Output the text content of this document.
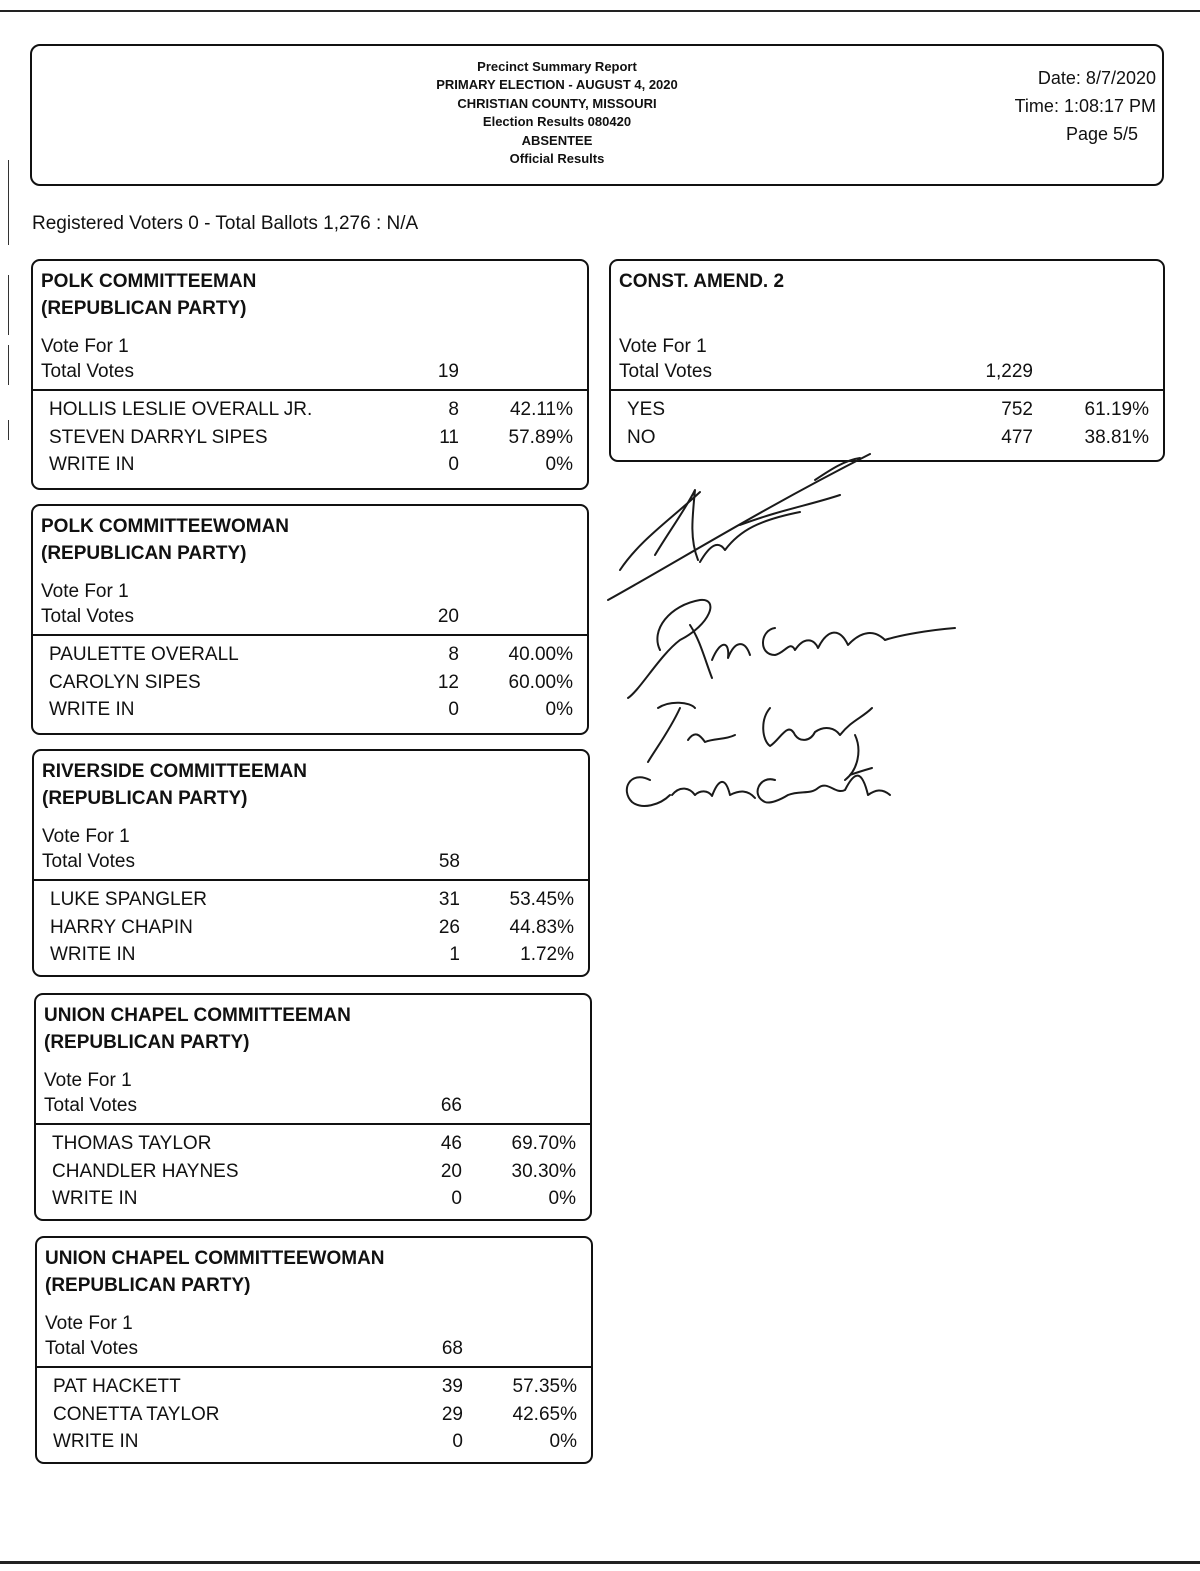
Precinct Summary Report
PRIMARY ELECTION - AUGUST 4, 2020
CHRISTIAN COUNTY, MISSOURI
Election Results 080420
ABSENTEE
Official Results
Date: 8/7/2020
Time: 1:08:17 PM
Page 5/5
Registered Voters 0 - Total Ballots 1,276 : N/A
POLK COMMITTEEMAN
(REPUBLICAN PARTY)
Vote For 1
Total Votes	19
HOLLIS LESLIE OVERALL JR.	8	42.11%
STEVEN DARRYL SIPES	11	57.89%
WRITE IN	0	0%
POLK COMMITTEEWOMAN
(REPUBLICAN PARTY)
Vote For 1
Total Votes	20
PAULETTE OVERALL	8	40.00%
CAROLYN SIPES	12	60.00%
WRITE IN	0	0%
RIVERSIDE COMMITTEEMAN
(REPUBLICAN PARTY)
Vote For 1
Total Votes	58
LUKE SPANGLER	31	53.45%
HARRY CHAPIN	26	44.83%
WRITE IN	1	1.72%
UNION CHAPEL COMMITTEEMAN
(REPUBLICAN PARTY)
Vote For 1
Total Votes	66
THOMAS TAYLOR	46	69.70%
CHANDLER HAYNES	20	30.30%
WRITE IN	0	0%
UNION CHAPEL COMMITTEEWOMAN
(REPUBLICAN PARTY)
Vote For 1
Total Votes	68
PAT HACKETT	39	57.35%
CONETTA TAYLOR	29	42.65%
WRITE IN	0	0%
CONST. AMEND. 2
Vote For 1
Total Votes	1,229
YES	752	61.19%
NO	477	38.81%
